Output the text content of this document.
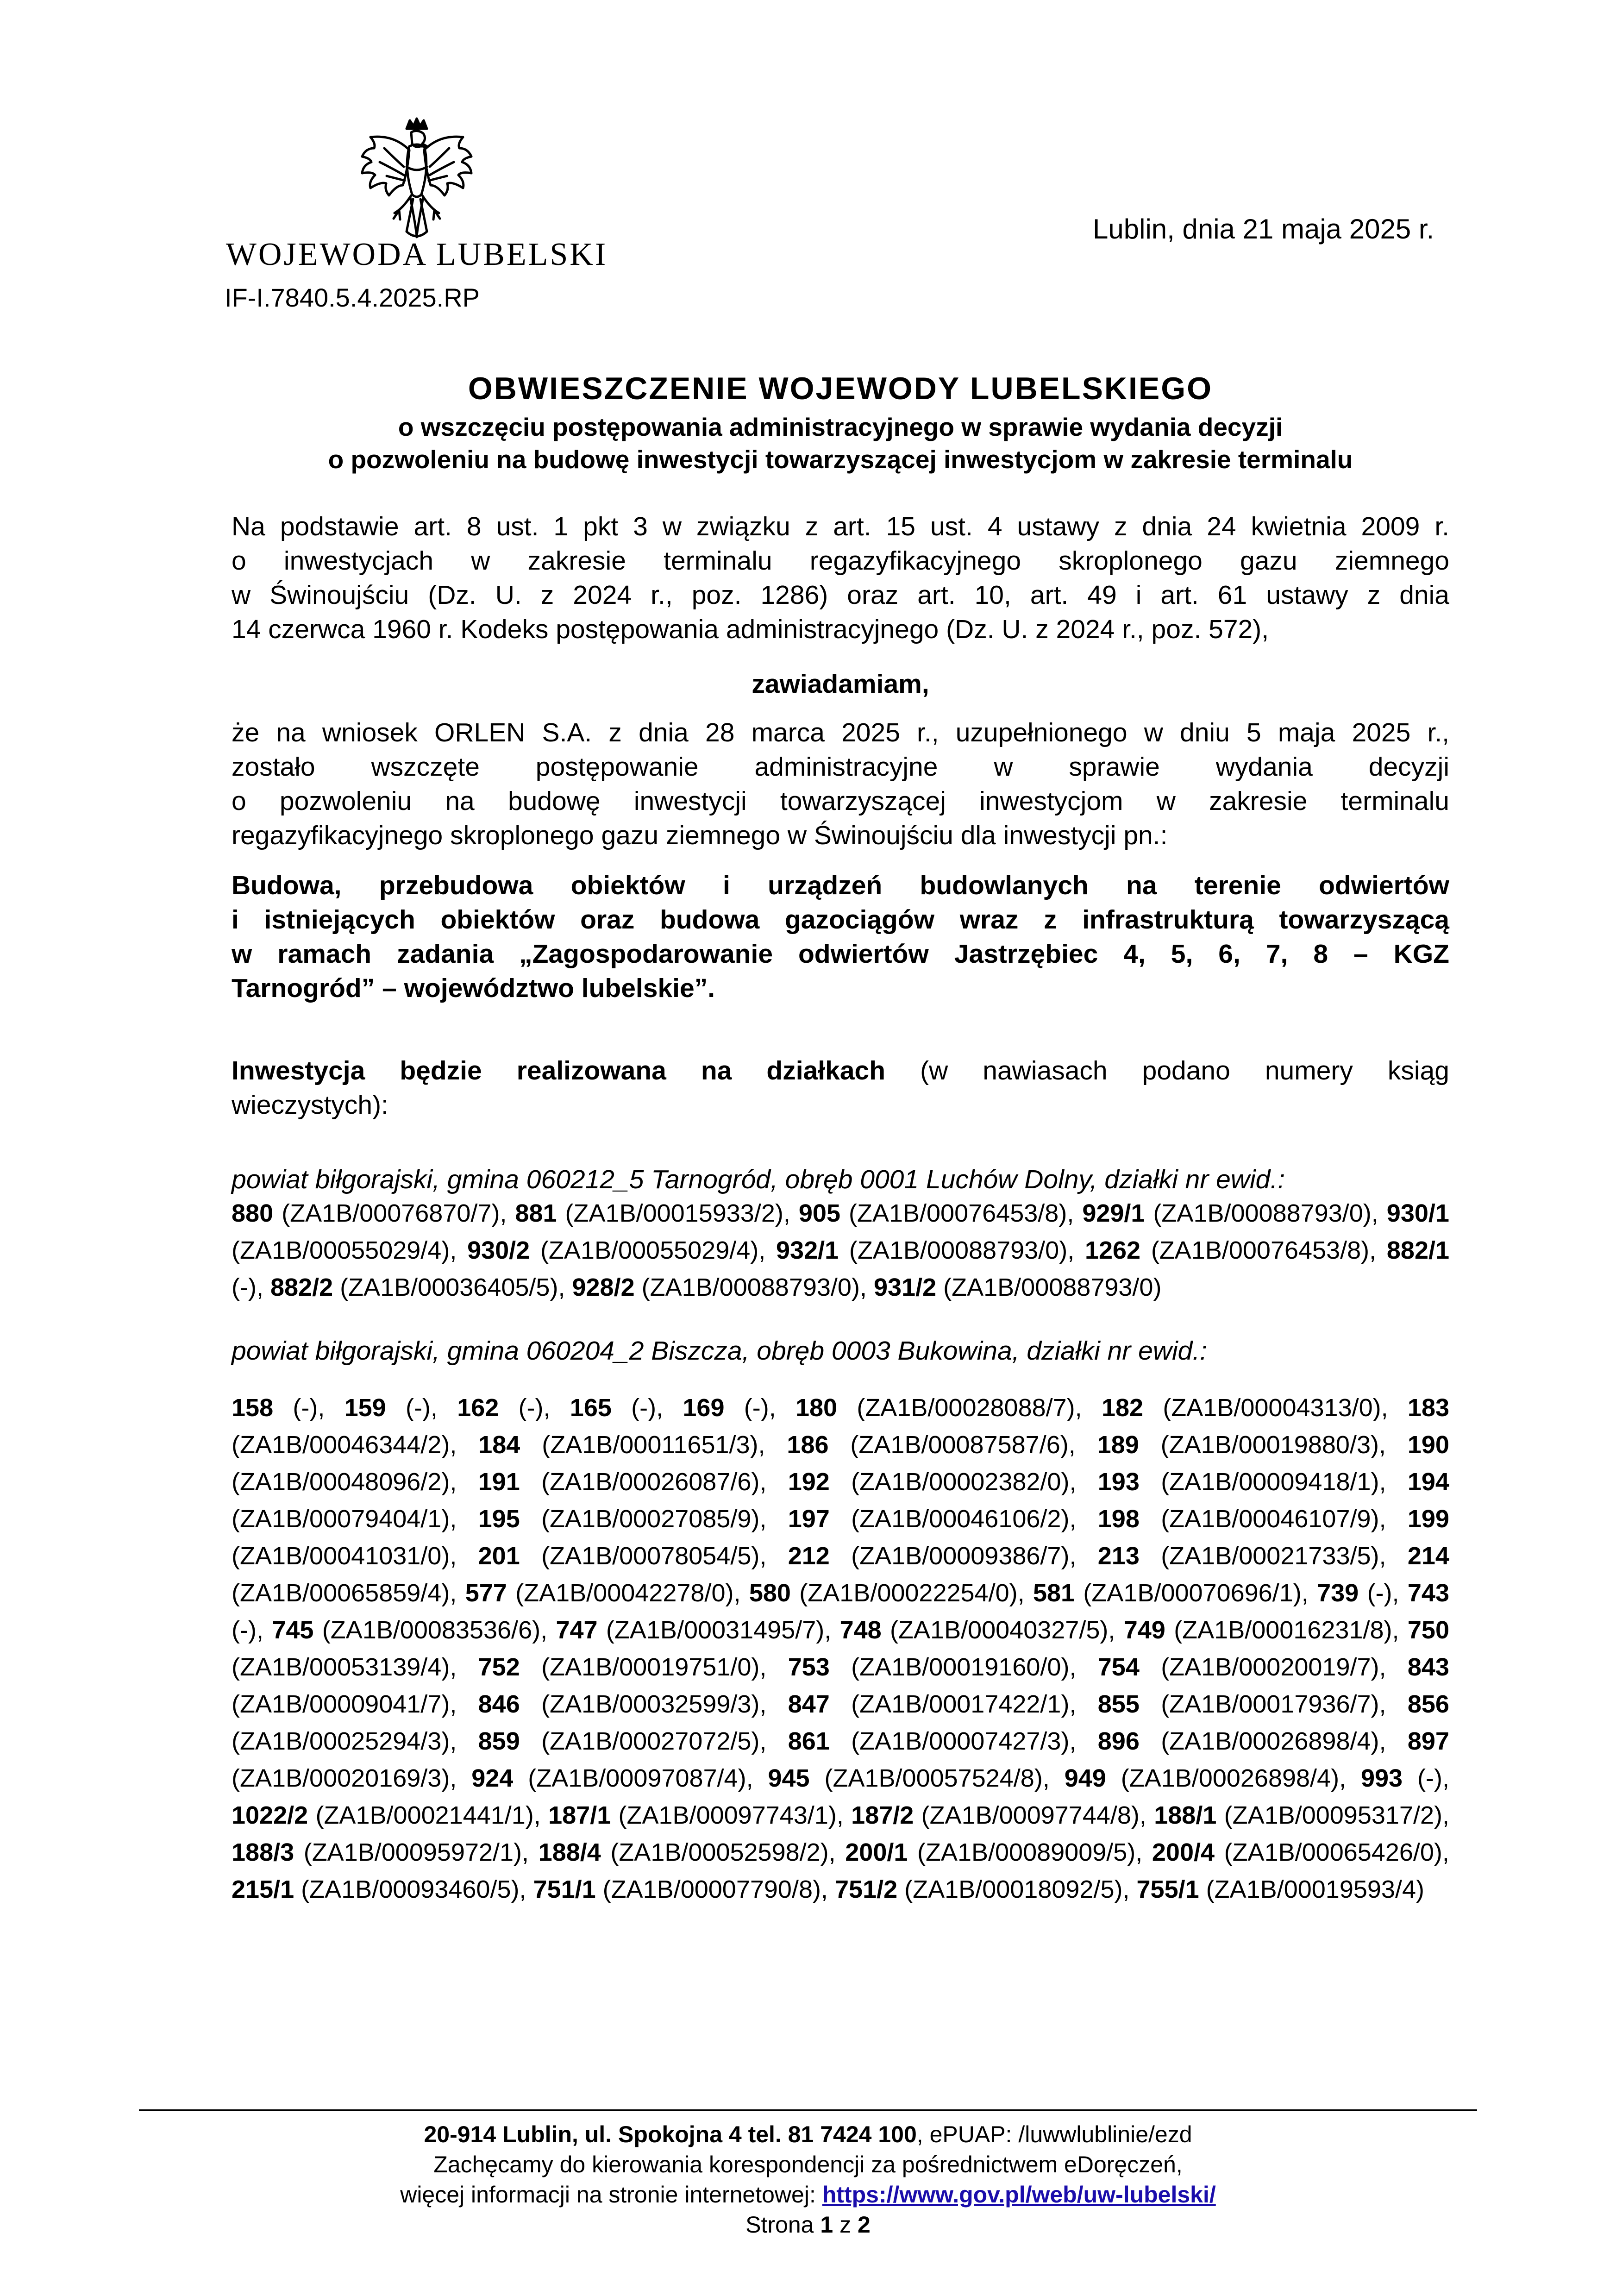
WOJEWODA LUBELSKI
IF-I.7840.5.4.2025.RP
Lublin, dnia 21 maja 2025 r.
OBWIESZCZENIE WOJEWODY LUBELSKIEGO
o wszczęciu postępowania administracyjnego w sprawie wydania decyzji
o pozwoleniu na budowę inwestycji towarzyszącej inwestycjom w zakresie terminalu
Na podstawie art. 8 ust. 1 pkt 3 w związku z art. 15 ust. 4 ustawy z dnia 24 kwietnia 2009 r.
o inwestycjach w zakresie terminalu regazyfikacyjnego skroplonego gazu ziemnego
w Świnoujściu (Dz. U. z 2024 r., poz. 1286) oraz art. 10, art. 49 i art. 61 ustawy z dnia
14 czerwca 1960 r. Kodeks postępowania administracyjnego (Dz. U. z 2024 r., poz. 572),
zawiadamiam,
że na wniosek ORLEN S.A. z dnia 28 marca 2025 r., uzupełnionego w dniu 5 maja 2025 r.,
zostało wszczęte postępowanie administracyjne w sprawie wydania decyzji
o pozwoleniu na budowę inwestycji towarzyszącej inwestycjom w zakresie terminalu
regazyfikacyjnego skroplonego gazu ziemnego w Świnoujściu dla inwestycji pn.:
Budowa, przebudowa obiektów i urządzeń budowlanych na terenie odwiertów
i istniejących obiektów oraz budowa gazociągów wraz z infrastrukturą towarzyszącą
w ramach zadania „Zagospodarowanie odwiertów Jastrzębiec 4, 5, 6, 7, 8 – KGZ
Tarnogród” – województwo lubelskie”.
Inwestycja będzie realizowana na działkach (w nawiasach podano numery ksiąg
wieczystych):
powiat biłgorajski, gmina 060212_5 Tarnogród, obręb 0001 Luchów Dolny, działki nr ewid.:
880 (ZA1B/00076870/7), 881 (ZA1B/00015933/2), 905 (ZA1B/00076453/8), 929/1 (ZA1B/00088793/0), 930/1 (ZA1B/00055029/4), 930/2 (ZA1B/00055029/4), 932/1 (ZA1B/00088793/0), 1262 (ZA1B/00076453/8), 882/1 (-), 882/2 (ZA1B/00036405/5), 928/2 (ZA1B/00088793/0), 931/2 (ZA1B/00088793/0)
powiat biłgorajski, gmina 060204_2 Biszcza, obręb 0003 Bukowina, działki nr ewid.:
158 (-), 159 (-), 162 (-), 165 (-), 169 (-), 180 (ZA1B/00028088/7), 182 (ZA1B/00004313/0), 183 (ZA1B/00046344/2), 184 (ZA1B/00011651/3), 186 (ZA1B/00087587/6), 189 (ZA1B/00019880/3), 190 (ZA1B/00048096/2), 191 (ZA1B/00026087/6), 192 (ZA1B/00002382/0), 193 (ZA1B/00009418/1), 194 (ZA1B/00079404/1), 195 (ZA1B/00027085/9), 197 (ZA1B/00046106/2), 198 (ZA1B/00046107/9), 199 (ZA1B/00041031/0), 201 (ZA1B/00078054/5), 212 (ZA1B/00009386/7), 213 (ZA1B/00021733/5), 214 (ZA1B/00065859/4), 577 (ZA1B/00042278/0), 580 (ZA1B/00022254/0), 581 (ZA1B/00070696/1), 739 (-), 743 (-), 745 (ZA1B/00083536/6), 747 (ZA1B/00031495/7), 748 (ZA1B/00040327/5), 749 (ZA1B/00016231/8), 750 (ZA1B/00053139/4), 752 (ZA1B/00019751/0), 753 (ZA1B/00019160/0), 754 (ZA1B/00020019/7), 843 (ZA1B/00009041/7), 846 (ZA1B/00032599/3), 847 (ZA1B/00017422/1), 855 (ZA1B/00017936/7), 856 (ZA1B/00025294/3), 859 (ZA1B/00027072/5), 861 (ZA1B/00007427/3), 896 (ZA1B/00026898/4), 897 (ZA1B/00020169/3), 924 (ZA1B/00097087/4), 945 (ZA1B/00057524/8), 949 (ZA1B/00026898/4), 993 (-), 1022/2 (ZA1B/00021441/1), 187/1 (ZA1B/00097743/1), 187/2 (ZA1B/00097744/8), 188/1 (ZA1B/00095317/2), 188/3 (ZA1B/00095972/1), 188/4 (ZA1B/00052598/2), 200/1 (ZA1B/00089009/5), 200/4 (ZA1B/00065426/0), 215/1 (ZA1B/00093460/5), 751/1 (ZA1B/00007790/8), 751/2 (ZA1B/00018092/5), 755/1 (ZA1B/00019593/4)
20-914 Lublin, ul. Spokojna 4 tel. 81 7424 100, ePUAP: /luwwlublinie/ezd
Zachęcamy do kierowania korespondencji za pośrednictwem eDoręczeń,
więcej informacji na stronie internetowej: https://www.gov.pl/web/uw-lubelski/
Strona 1 z 2
